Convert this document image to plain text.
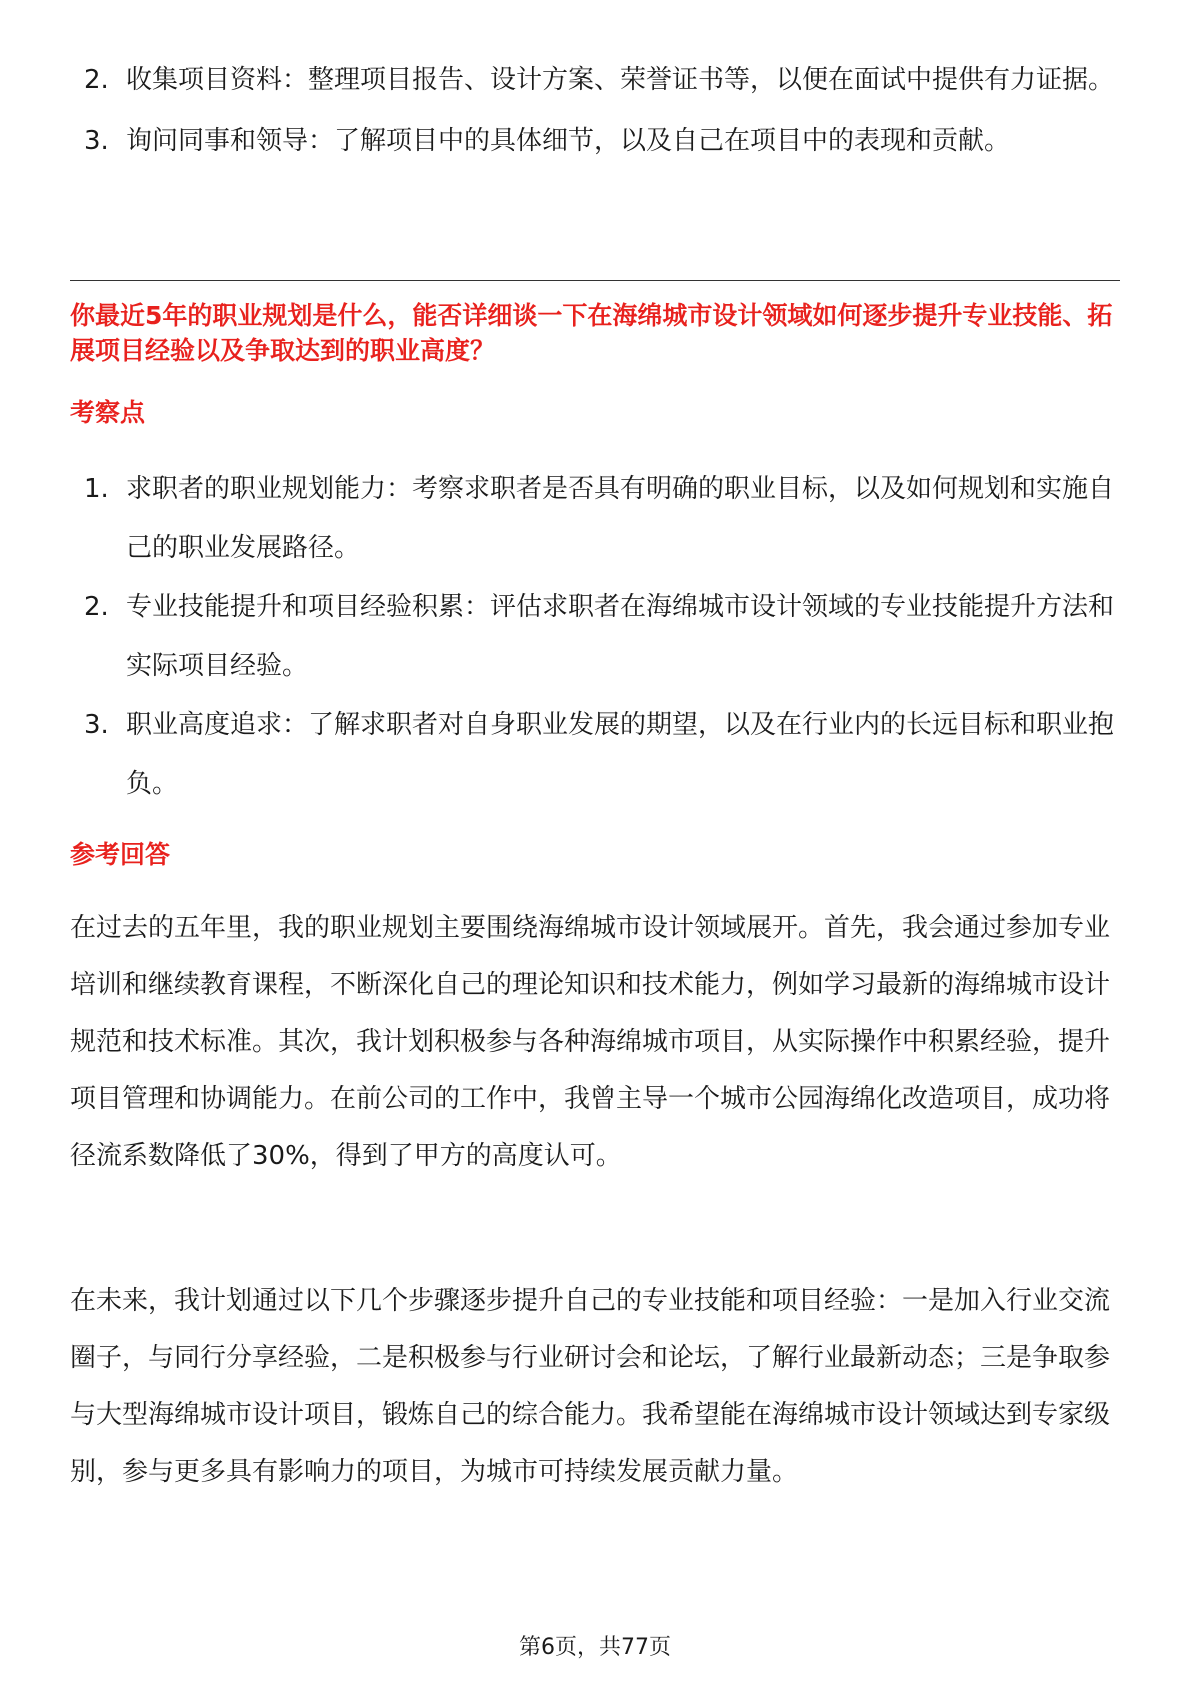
2. 收集项目资料：整理项目报告、设计方案、荣誉证书等，以便在面试中提供有力证据。
3. 询问同事和领导：了解项目中的具体细节，以及自己在项目中的表现和贡献。
你最近5年的职业规划是什么，能否详细谈一下在海绵城市设计领域如何逐步提升专业技能、拓展项目经验以及争取达到的职业高度？
考察点
1. 求职者的职业规划能力：考察求职者是否具有明确的职业目标，以及如何规划和实施自己的职业发展路径。
2. 专业技能提升和项目经验积累：评估求职者在海绵城市设计领域的专业技能提升方法和实际项目经验。
3. 职业高度追求：了解求职者对自身职业发展的期望，以及在行业内的长远目标和职业抱负。
参考回答

在过去的五年里，我的职业规划主要围绕海绵城市设计领域展开。首先，我会通过参加专业培训和继续教育课程，不断深化自己的理论知识和技术能力，例如学习最新的海绵城市设计规范和技术标准。其次，我计划积极参与各种海绵城市项目，从实际操作中积累经验，提升项目管理和协调能力。在前公司的工作中，我曾主导一个城市公园海绵化改造项目，成功将径流系数降低了30%，得到了甲方的高度认可。

在未来，我计划通过以下几个步骤逐步提升自己的专业技能和项目经验：一是加入行业交流圈子，与同行分享经验，二是积极参与行业研讨会和论坛，了解行业最新动态；三是争取参与大型海绵城市设计项目，锻炼自己的综合能力。我希望能在海绵城市设计领域达到专家级别，参与更多具有影响力的项目，为城市可持续发展贡献力量。

第6页，共77页
